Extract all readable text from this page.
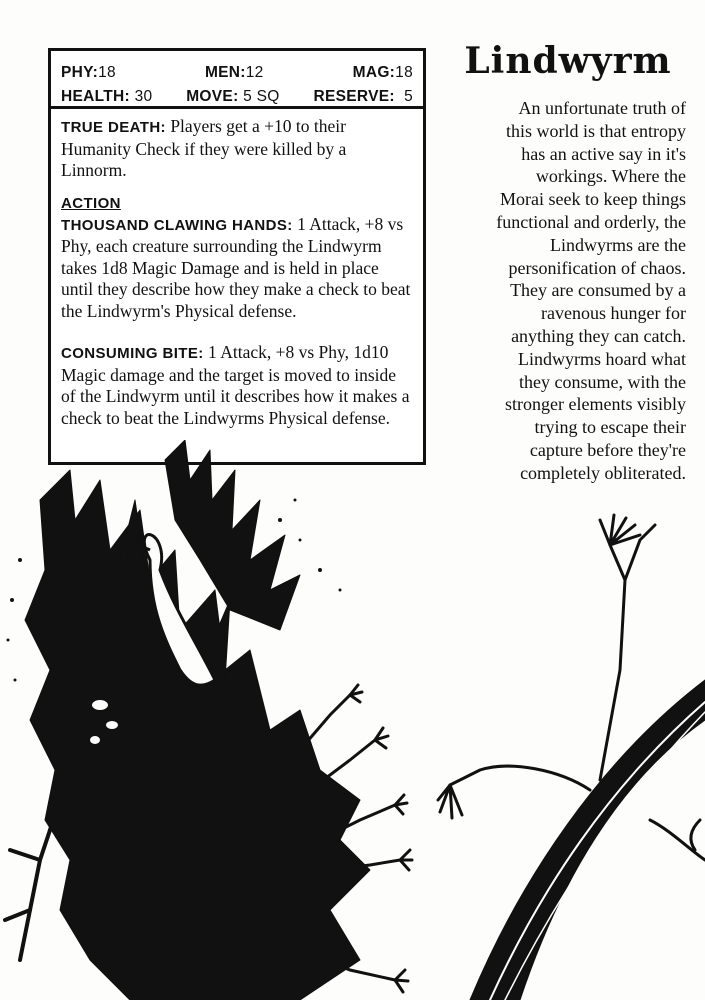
PHY:18	MEN:12	MAG:18
HEALTH: 30 MOVE: 5 SQ RESERVE: 5

TRUE DEATH: Players get a +10 to their Humanity Check if they were killed by a Linnorm.

ACTION

THOUSAND CLAWING HANDS: 1 Attack, +8 vs Phy, each creature surrounding the Lindwyrm takes 1d8 Magic Damage and is held in place until they describe how they make a check to beat the Lindwyrm's Physical defense.

CONSUMING BITE: 1 Attack, +8 vs Phy, 1d10 Magic damage and the target is moved to inside of the Lindwyrm until it describes how it makes a check to beat the Lindwyrms Physical defense.

Lindwyrm
An unfortunate truth of
this world is that entropy
has an active say in it's
workings. Where the
Morai seek to keep things
functional and orderly, the
Lindwyrms are the
personification of chaos.
They are consumed by a
ravenous hunger for
anything they can catch.
Lindwyrms hoard what
they consume, with the
stronger elements visibly
trying to escape their
capture before they're
completely obliterated.
